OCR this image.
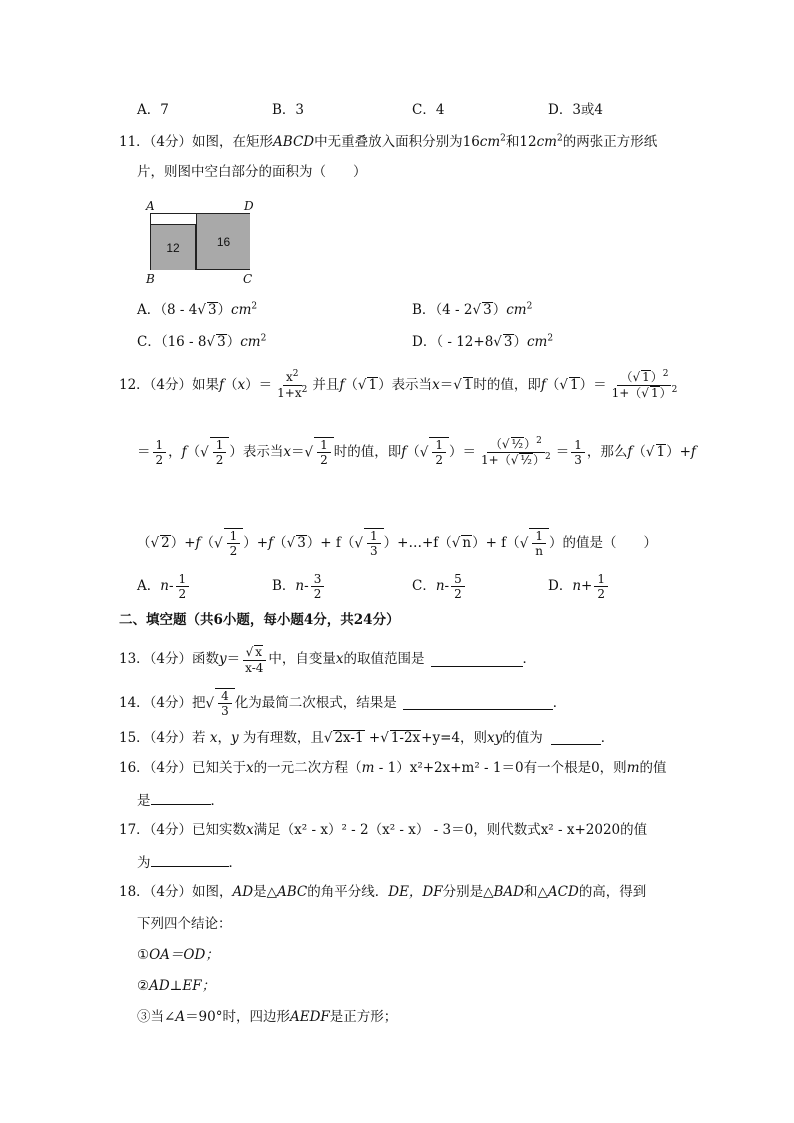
A．7	B．3	C．4	D．3或4
11．（4分）如图，在矩形ABCD中无重叠放入面积分别为$16cm^2$和$12cm^2$的两张正方形纸
片，则图中空白部分的面积为（　　）
A	D
B	C
12	16
A．（8 - 4√ $3)cm^2$	B．（4 - 2√ $3)cm^2$
C．（16 - 8√ $3)cm^2$	D．（ - 12+8√ $3)cm^2$
12．（4分）如果 f （ x ）＝ $\frac{x^2}{1+x^2}$ 并且 f （ √ 1 ） 表示当 x ＝ √ 1 时的值，即 f （ √ 1 ）＝ $\frac{(√ 1)^2}{1+(√ 1)^2}$
＝ $\frac{1}{2}$ ， f （ √ $\frac{1}{2}$ ） 表示当 x ＝ √ $\frac{1}{2}$ 时的值，即 f （ √ $\frac{1}{2}$ ）＝ $\frac{(√ \frac{1}{2})^2}{1+(√ \frac{1}{2})^2} = \frac{1}{3}$ ，那么 f （ √ 1 ）+ f
（ √ 2 ）+ f （ √ $\frac{1}{2}$ ）+ f （ √ 3 ）+ f（ √ $\frac{1}{3}$ ） +…+ f（ √ n ）+ f（ √ $\frac{1}{n}$ ） 的值是（　　）
A． n - $\frac{1}{2}$	B． n - $\frac{3}{2}$	C． n - $\frac{5}{2}$	D． $n + \frac{1}{2}$
二、填空题（共6小题，每小题4分，共24分）
13．（4分）函数 $y = \frac{√ x}{x-4}$ 中，自变量 x 的取值范围是	．
14．（4分）把 √ $\frac{4}{3}$ 化为最简二次根式，结果是	．
15．（4分）若 x ， y 为有理数，且 √ 2x-1 + √ 1-2x +y=4，则 xy 的值为	．
16．（4分）已知关于x的一元二次方程（m - 1）x²+2x+m² - 1＝0有一个根是0，则m的值
是	．
17．（4分）已知实数x满足（x² - x）² - 2（x² - x） - 3＝0，则代数式x² - x+2020的值
为	．
18．（4分）如图，AD是△ABC的角平分线．DE，DF分别是△BAD和△ACD的高，得到
下列四个结论：
①OA＝OD；
②AD⊥EF；
③当∠A＝90°时，四边形AEDF是正方形；
